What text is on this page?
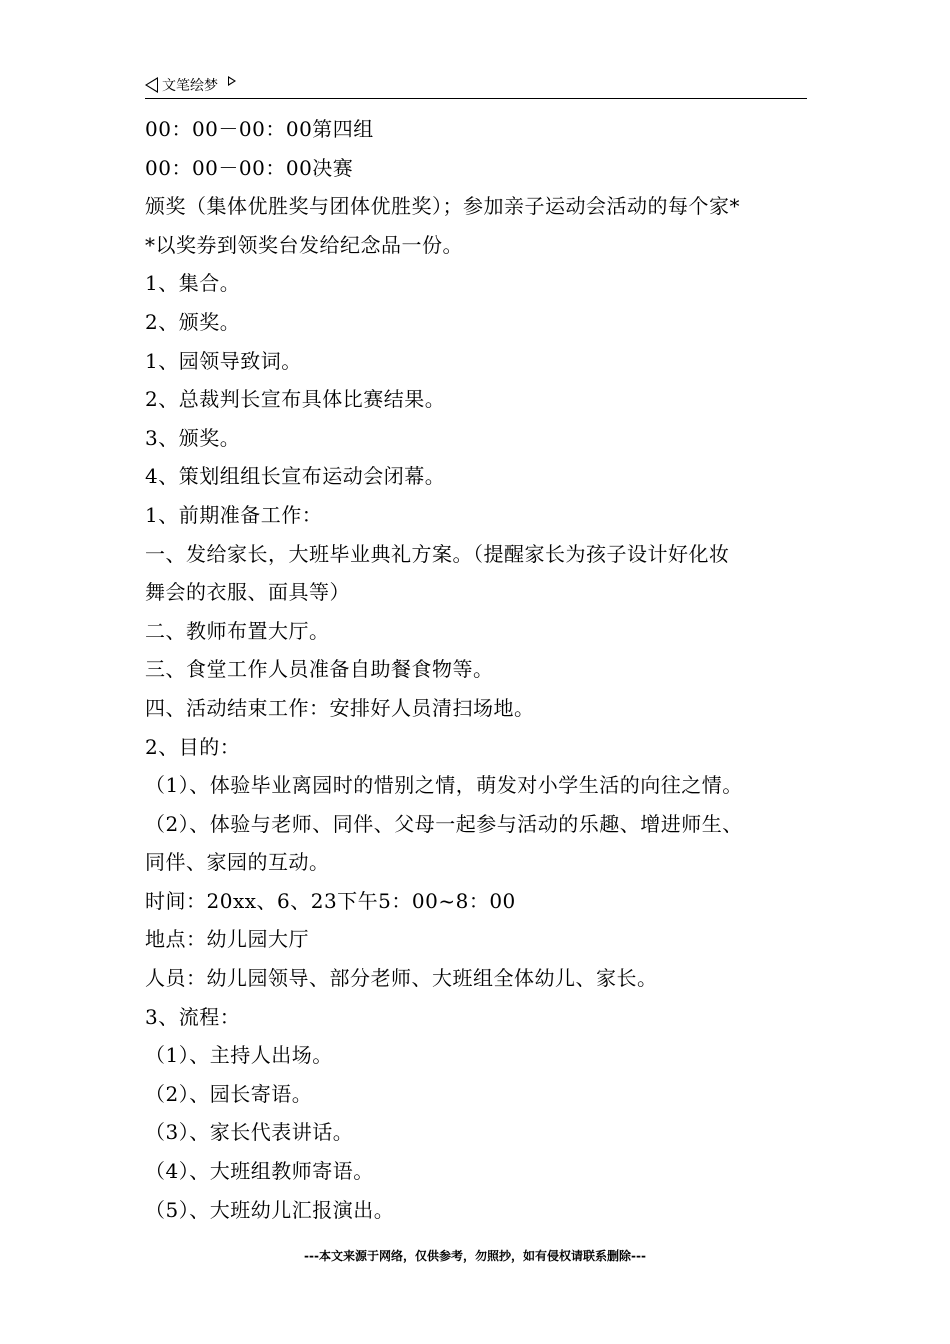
文笔绘梦
00：00－00：00第四组
00：00－00：00决赛
颁奖（集体优胜奖与团体优胜奖）；参加亲子运动会活动的每个家*
*以奖券到领奖台发给纪念品一份。
1、集合。
2、颁奖。
1、园领导致词。
2、总裁判长宣布具体比赛结果。
3、颁奖。
4、策划组组长宣布运动会闭幕。
1、前期准备工作：
一、发给家长，大班毕业典礼方案。（提醒家长为孩子设计好化妆
舞会的衣服、面具等）
二、教师布置大厅。
三、食堂工作人员准备自助餐食物等。
四、活动结束工作：安排好人员清扫场地。
2、目的：
（1）、体验毕业离园时的惜别之情，萌发对小学生活的向往之情。
（2）、体验与老师、同伴、父母一起参与活动的乐趣、增进师生、
同伴、家园的互动。
时间：20xx、6、23下午5：00~8：00
地点：幼儿园大厅
人员：幼儿园领导、部分老师、大班组全体幼儿、家长。
3、流程：
（1）、主持人出场。
（2）、园长寄语。
（3）、家长代表讲话。
（4）、大班组教师寄语。
（5）、大班幼儿汇报演出。
---本文来源于网络，仅供参考，勿照抄，如有侵权请联系删除---
